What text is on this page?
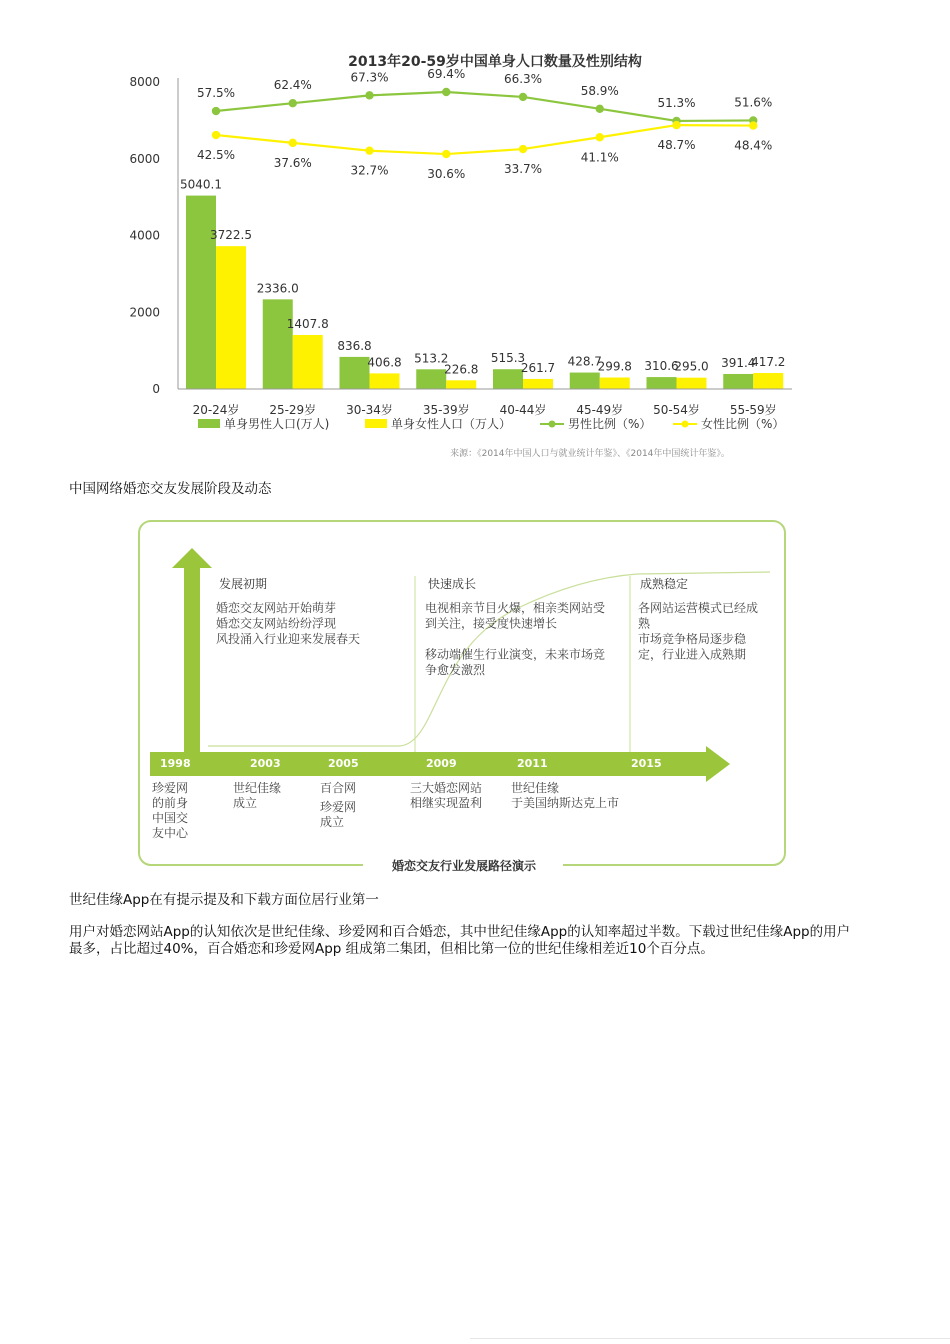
2013年20-59岁中国单身人口数量及性别结构
0
2000
4000
6000
8000
5040.1
3722.5
2336.0
1407.8
836.8
406.8 513.2
226.8
515.3
261.7 428.7
299.8 310.6
295.0 391.4
417.2
57.5%
62.4%
67.3%	69.4%	66.3%
58.9%
51.3%	51.6%
42.5%
37.6%
32.7%	30.6%	33.7%
41.1%
48.7%	48.4%
20-24岁 25-29岁 30-34岁 35-39岁 40-44岁 45-49岁 50-54岁 55-59岁
单身男性人口(万人)	单身女性人口（万人）	男性比例（%）	女性比例（%）
来源：《2014年中国人口与就业统计年鉴》、《2014年中国统计年鉴》。
中国网络婚恋交友发展阶段及动态
婚恋交友行业发展路径演示
发展初期	快速成长	成熟稳定
婚恋交友网站开始萌芽
婚恋交友网站纷纷浮现
风投涌入行业迎来发展春天
电视相亲节目火爆，相亲类网站受
到关注，接受度快速增长
移动端催生行业演变，未来市场竞
争愈发激烈
各网站运营模式已经成
熟
市场竞争格局逐步稳
定，行业进入成熟期
1998	2003	2005	2009	2011	2015
珍爱网
的前身
中国交
友中心
世纪佳缘
成立
百合网
珍爱网
成立
三大婚恋网站
相继实现盈利
世纪佳缘
于美国纳斯达克上市
世纪佳缘App在有提示提及和下载方面位居行业第一
用户对婚恋网站App的认知依次是世纪佳缘、珍爱网和百合婚恋，其中世纪佳缘App的认知率超过半数。下载过世纪佳缘App的用户最多，占比超过40%，百合婚恋和珍爱网App 组成第二集团，但相比第一位的世纪佳缘相差近10个百分点。
